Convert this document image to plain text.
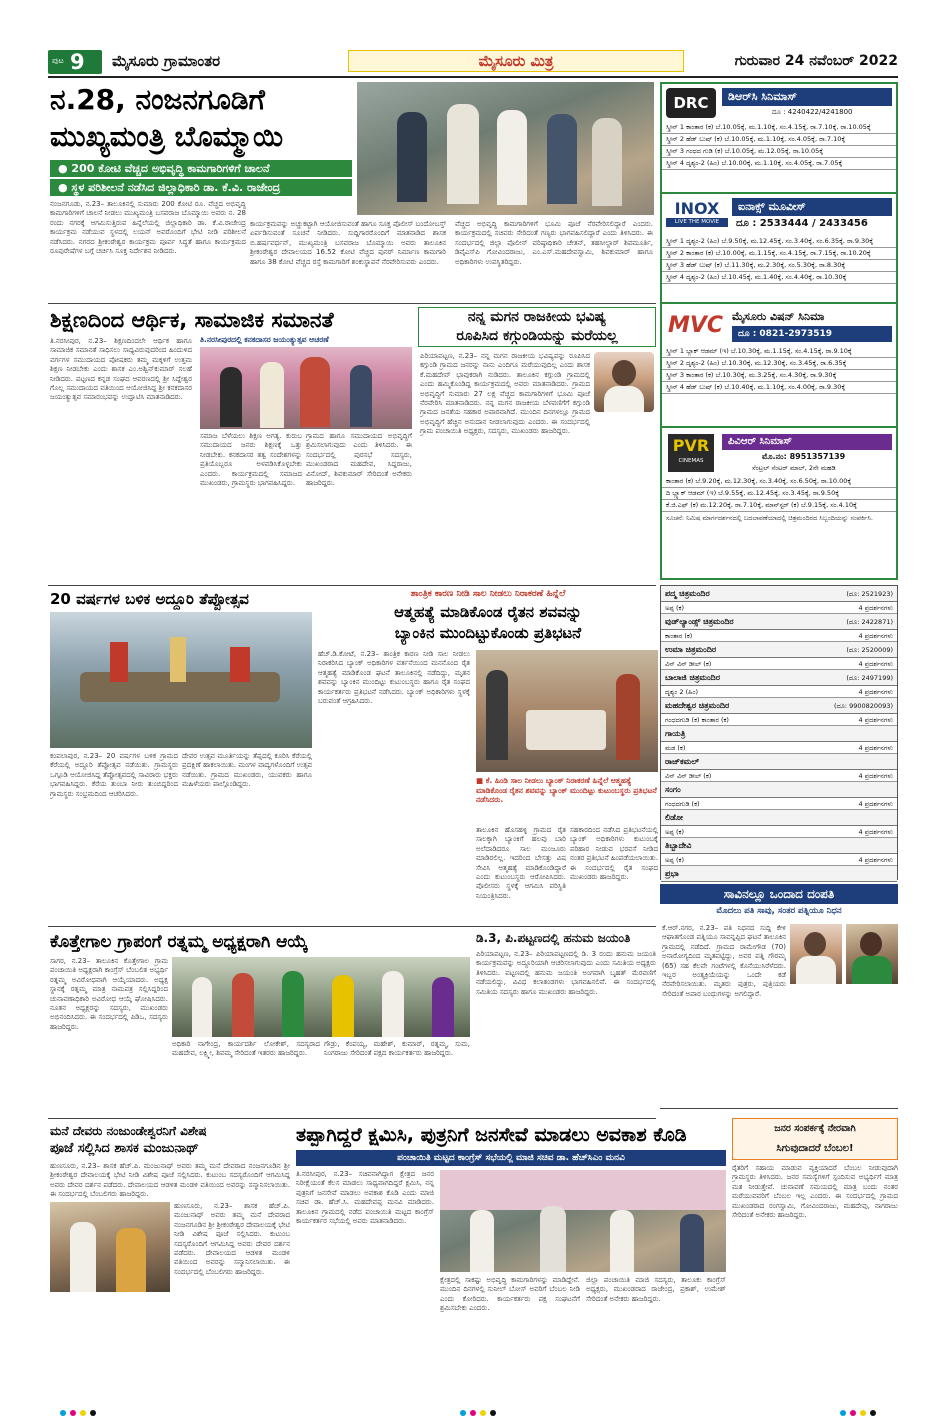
ಪುಟ 9 ಮೈಸೂರು ಗ್ರಾಮಾಂತರ	ಮೈಸೂರು ಮಿತ್ರ	ಗುರುವಾರ 24 ನವೆಂಬರ್ 2022
ನ.28, ನಂಜನಗೂಡಿಗೆ
ಮುಖ್ಯಮಂತ್ರಿ ಬೊಮ್ಮಾಯಿ
● 200 ಕೋಟಿ ವೆಚ್ಚದ ಅಭಿವೃದ್ಧಿ ಕಾಮಗಾರಿಗಳಿಗೆ ಚಾಲನೆ
● ಸ್ಥಳ ಪರಿಶೀಲನೆ ನಡೆಸಿದ ಜಿಲ್ಲಾಧಿಕಾರಿ ಡಾ. ಕೆ.ವಿ. ರಾಜೇಂದ್ರ
ನಂಜನಗೂಡು, ನ.23– ತಾಲೂಕಿನಲ್ಲಿ ಸುಮಾರು 200 ಕೋಟಿ ರೂ. ವೆಚ್ಚದ ಅಭಿವೃದ್ಧಿ ಕಾಮಗಾರಿಗಳಿಗೆ ಚಾಲನೆ ನೀಡಲು ಮುಖ್ಯಮಂತ್ರಿ ಬಸವರಾಜ ಬೊಮ್ಮಾಯಿ ಅವರು ನ. 28 ರಂದು ನಗರಕ್ಕೆ ಆಗಮಿಸುತ್ತಿರುವ ಹಿನ್ನೆಲೆಯಲ್ಲಿ ಜಿಲ್ಲಾಧಿಕಾರಿ ಡಾ. ಕೆ.ವಿ.ರಾಜೇಂದ್ರ ಕಾರ್ಯಕ್ರಮ ನಡೆಯುವ ಸ್ಥಳದಲ್ಲಿ ಲಯನ್ ಅವರೊಂದಿಗೆ ಭೇಟಿ ನೀಡಿ ಪರಿಶೀಲನೆ ನಡೆಸಿದರು. ನಗರದ ಶ್ರೀಕಂಠೇಶ್ವರ ಕಾರ್ಯಕ್ರಮ ಪೂರ್ವ ಸಿದ್ಧತೆ ಹಾಗೂ ಕಾರ್ಯಕ್ರಮದ ರೂಪುರೇಷೆಗಳ ಬಗ್ಗೆ ಚರ್ಚಿಸಿ ಸೂಕ್ತ ನಿರ್ದೇಶನ ನೀಡಿದರು.
ಕಾರ್ಯಕ್ರಮವನ್ನು ಅಚ್ಚುಕಟ್ಟಾಗಿ ಆಯೋಜಿಸುವಂತೆ ಹಾಗೂ ಸೂಕ್ತ ಪೊಲೀಸ್ ಬಂದೋಬಸ್ತ್ ಏರ್ಪಡಿಸುವಂತೆ ಸೂಚನೆ ನೀಡಿದರು. ಸುದ್ದಿಗಾರರೊಂದಿಗೆ ಮಾತನಾಡಿದ ಶಾಸಕ ಬಿ.ಹರ್ಷವರ್ಧನ್, ಮುಖ್ಯಮಂತ್ರಿ ಬಸವರಾಜ ಬೊಮ್ಮಾಯಿ ಅವರು ತಾಲೂಕಿನ ಶ್ರೀಕಂಠೇಶ್ವರ ದೇವಾಲಯದ 16.52 ಕೋಟಿ ವೆಚ್ಚದ ಪುನರ್ ನಿರ್ಮಾಣ ಕಾಮಗಾರಿ ಹಾಗೂ 38 ಕೋಟಿ ವೆಚ್ಚದ ರಸ್ತೆ ಕಾಮಗಾರಿಗೆ ಶಂಕುಸ್ಥಾಪನೆ ನೆರವೇರಿಸುವರು ಎಂದರು.
ವೆಚ್ಚದ ಅಭಿವೃದ್ಧಿ ಕಾಮಗಾರಿಗಳಿಗೆ ಭೂಮಿ ಪೂಜೆ ನೆರವೇರಿಸಲಿದ್ದಾರೆ ಎಂದರು. ಕಾರ್ಯಕ್ರಮದಲ್ಲಿ ಸಚಿವರು ಸೇರಿದಂತೆ ಗಣ್ಯರು ಭಾಗವಹಿಸಲಿದ್ದಾರೆ ಎಂದು ತಿಳಿಸಿದರು. ಈ ಸಂದರ್ಭದಲ್ಲಿ ಜಿಲ್ಲಾ ಪೊಲೀಸ್ ವರಿಷ್ಠಾಧಿಕಾರಿ ಚೇತನ್, ತಹಸೀಲ್ದಾರ್ ಶಿವಮೂರ್ತಿ, ಡಿವೈಎಸ್‌ಪಿ ಗೋವಿಂದರಾಜು, ಎಂ.ಎಸ್.ಮಹದೇವಸ್ವಾಮಿ, ಶಿವಕುಮಾರ್ ಹಾಗೂ ಅಧಿಕಾರಿಗಳು ಉಪಸ್ಥಿತರಿದ್ದರು.
ಶಿಕ್ಷಣದಿಂದ ಆರ್ಥಿಕ, ಸಾಮಾಜಿಕ ಸಮಾನತೆ
ತಿ.ನರಸೀಪುರ, ನ.23– ಶಿಕ್ಷಣದಿಂದಲೇ ಆರ್ಥಿಕ ಹಾಗೂ ಸಾಮಾಜಿಕ ಸಮಾನತೆ ಸಾಧಿಸಲು ಸಾಧ್ಯವಿರುವುದರಿಂದ ಹಿಂದುಳಿದ ವರ್ಗಗಳ ಸಮುದಾಯದ ಪೋಷಕರು ತಮ್ಮ ಮಕ್ಕಳಿಗೆ ಉತ್ತಮ ಶಿಕ್ಷಣ ನೀಡಬೇಕು ಎಂದು ಶಾಸಕ ಎಂ.ಅಶ್ವಿನ್‌ಕುಮಾರ್ ಸಲಹೆ ನೀಡಿದರು. ಪಟ್ಟಣದ ಕನ್ನಡ ಸಂಘದ ಆವರಣದಲ್ಲಿ ಶ್ರೀ ಸಿದ್ದೇಶ್ವರ ಗೊಲ್ಲ ಸಮುದಾಯದ ವತಿಯಿಂದ ಆಯೋಜಿಸಿದ್ದ ಶ್ರೀ ಕನಕದಾಸರ ಜಯಂತ್ಯುತ್ಸವ ಸಮಾರಂಭವನ್ನು ಉದ್ಘಾಟಿಸಿ ಮಾತನಾಡಿದರು.
ತಿ.ನರಸೀಪುರದಲ್ಲಿ ಕನಕದಾಸರ ಜಯಂತ್ಯುತ್ಸವ ಆಚರಣೆ
ಸಮಾಜ ಬೆಳೆಯಲು ಶಿಕ್ಷಣ ಅಗತ್ಯ. ಕುರುಬ ಸಮುದಾಯದ ಜನರು ಶಿಕ್ಷಣಕ್ಕೆ ಒತ್ತು ನೀಡಬೇಕು. ಕನಕದಾಸರ ತತ್ವ ಸಂದೇಶಗಳನ್ನು ಪ್ರತಿಯೊಬ್ಬರೂ ಅಳವಡಿಸಿಕೊಳ್ಳಬೇಕು ಎಂದರು. ಕಾರ್ಯಕ್ರಮದಲ್ಲಿ ಸಮಾಜದ ಮುಖಂಡರು, ಗ್ರಾಮಸ್ಥರು ಭಾಗವಹಿಸಿದ್ದರು.
ಗ್ರಾಮದ ಹಾಗೂ ಸಮುದಾಯದ ಅಭಿವೃದ್ಧಿಗೆ ಶ್ರಮಿಸಲಾಗುವುದು ಎಂದು ತಿಳಿಸಿದರು. ಈ ಸಂದರ್ಭದಲ್ಲಿ ಪುರಸಭೆ ಸದಸ್ಯರು, ಮುಖಂಡರಾದ ಮಹದೇವ, ಸಿದ್ದರಾಜು, ವಿನೋದ್, ಶಿವಕುಮಾರ್ ಸೇರಿದಂತೆ ಅನೇಕರು ಹಾಜರಿದ್ದರು.
ನನ್ನ ಮಗನ ರಾಜಕೀಯ ಭವಿಷ್ಯ
ರೂಪಿಸಿದ ಕಗ್ಗುಂಡಿಯನ್ನು ಮರೆಯಲ್ಲ
ಪಿರಿಯಾಪಟ್ಟಣ, ನ.23– ನನ್ನ ಮಗನ ರಾಜಕೀಯ ಭವಿಷ್ಯವನ್ನು ರೂಪಿಸಿದ ಕಗ್ಗುಂಡಿ ಗ್ರಾಮದ ಜನರನ್ನು ನಾನು ಎಂದಿಗೂ ಮರೆಯುವುದಿಲ್ಲ ಎಂದು ಶಾಸಕ ಕೆ.ಮಹದೇವ್ ಭಾವುಕರಾಗಿ ನುಡಿದರು. ತಾಲೂಕಿನ ಕಗ್ಗುಂಡಿ ಗ್ರಾಮದಲ್ಲಿ ಎಂದು ಹಮ್ಮಿಕೊಂಡಿದ್ದ ಕಾರ್ಯಕ್ರಮದಲ್ಲಿ ಅವರು ಮಾತನಾಡಿದರು. ಗ್ರಾಮದ ಅಭಿವೃದ್ಧಿಗೆ ಸುಮಾರು 27 ಲಕ್ಷ ವೆಚ್ಚದ ಕಾಮಗಾರಿಗಳಿಗೆ ಭೂಮಿ ಪೂಜೆ ನೆರವೇರಿಸಿ ಮಾತನಾಡಿದರು. ನನ್ನ ಮಗನ ರಾಜಕೀಯ ಬೆಳವಣಿಗೆಗೆ ಕಗ್ಗುಂಡಿ ಗ್ರಾಮದ ಜನತೆಯ ಸಹಕಾರ ಅಪಾರವಾಗಿದೆ. ಮುಂದಿನ ದಿನಗಳಲ್ಲೂ ಗ್ರಾಮದ ಅಭಿವೃದ್ಧಿಗೆ ಹೆಚ್ಚಿನ ಅನುದಾನ ನೀಡಲಾಗುವುದು ಎಂದರು. ಈ ಸಂದರ್ಭದಲ್ಲಿ ಗ್ರಾಮ ಪಂಚಾಯಿತಿ ಅಧ್ಯಕ್ಷರು, ಸದಸ್ಯರು, ಮುಖಂಡರು ಹಾಜರಿದ್ದರು.
20 ವರ್ಷಗಳ ಬಳಿಕ ಅದ್ದೂರಿ ತೆಪ್ಪೋತ್ಸವ
ಕಂಪಲಾಪುರ, ನ.23– 20 ವರ್ಷಗಳ ಬಳಿಕ ಗ್ರಾಮದ ಕೆರೆಯಲ್ಲಿ ಅದ್ದೂರಿ ತೆಪ್ಪೋತ್ಸವ ನಡೆಯಿತು. ಗ್ರಾಮಸ್ಥರು ಒಗ್ಗೂಡಿ ಆಯೋಜಿಸಿದ್ದ ತೆಪ್ಪೋತ್ಸವದಲ್ಲಿ ಸಾವಿರಾರು ಭಕ್ತರು ಭಾಗವಹಿಸಿದ್ದರು. ಕೆರೆಯ ತುಂಬಾ ನೀರು ತುಂಬಿದ್ದರಿಂದ ಗ್ರಾಮಸ್ಥರು ಸಂಭ್ರಮದಿಂದ ಆಚರಿಸಿದರು.
ದೇವರ ಉತ್ಸವ ಮೂರ್ತಿಯನ್ನು ತೆಪ್ಪದಲ್ಲಿ ಕೂರಿಸಿ ಕೆರೆಯಲ್ಲಿ ಪ್ರದಕ್ಷಿಣೆ ಹಾಕಲಾಯಿತು. ಮಂಗಳ ವಾದ್ಯಗಳೊಂದಿಗೆ ಉತ್ಸವ ನಡೆಯಿತು. ಗ್ರಾಮದ ಮುಖಂಡರು, ಯುವಕರು ಹಾಗೂ ಮಹಿಳೆಯರು ಪಾಲ್ಗೊಂಡಿದ್ದರು.
ತಾಂತ್ರಿಕ ಕಾರಣ ನೀಡಿ ಸಾಲ ನೀಡಲು ನಿರಾಕರಣೆ ಹಿನ್ನೆಲೆ
ಆತ್ಮಹತ್ಯೆ ಮಾಡಿಕೊಂಡ ರೈತನ ಶವವನ್ನು
ಬ್ಯಾಂಕಿನ ಮುಂದಿಟ್ಟುಕೊಂಡು ಪ್ರತಿಭಟನೆ
ಹೆಚ್.ಡಿ.ಕೋಟೆ, ನ.23– ತಾಂತ್ರಿಕ ಕಾರಣ ನೀಡಿ ಸಾಲ ನೀಡಲು ನಿರಾಕರಿಸಿದ ಬ್ಯಾಂಕ್ ಅಧಿಕಾರಿಗಳ ವರ್ತನೆಯಿಂದ ಮನನೊಂದ ರೈತ ಆತ್ಮಹತ್ಯೆ ಮಾಡಿಕೊಂಡ ಘಟನೆ ತಾಲೂಕಿನಲ್ಲಿ ನಡೆದಿದ್ದು, ಮೃತನ ಶವವನ್ನು ಬ್ಯಾಂಕಿನ ಮುಂದಿಟ್ಟು ಕುಟುಂಬಸ್ಥರು ಹಾಗೂ ರೈತ ಸಂಘದ ಕಾರ್ಯಕರ್ತರು ಪ್ರತಿಭಟನೆ ನಡೆಸಿದರು. ಬ್ಯಾಂಕ್ ಅಧಿಕಾರಿಗಳು ಸ್ಥಳಕ್ಕೆ ಬರುವಂತೆ ಆಗ್ರಹಿಸಿದರು.
■ ಕೆ. ಹಿಂಡಿ ಸಾಲ ನೀಡಲು ಬ್ಯಾಂಕ್ ನಿರಾಕರಣೆ ಹಿನ್ನೆಲೆ ಆತ್ಮಹತ್ಯೆ ಮಾಡಿಕೊಂಡ ರೈತನ ಶವವನ್ನು ಬ್ಯಾಂಕ್ ಮುಂದಿಟ್ಟು ಕುಟುಂಬಸ್ಥರು ಪ್ರತಿಭಟನೆ ನಡೆಸಿದರು.
ತಾಲೂಕಿನ ಹೊಸಹಳ್ಳಿ ಗ್ರಾಮದ ರೈತ ಸಾಲಕ್ಕಾಗಿ ಬ್ಯಾಂಕಿಗೆ ಹಲವು ಬಾರಿ ಅಲೆದಾಡಿದರೂ ಸಾಲ ಮಂಜೂರು ಮಾಡಿರಲಿಲ್ಲ. ಇದರಿಂದ ಬೇಸತ್ತು ವಿಷ ಸೇವಿಸಿ ಆತ್ಮಹತ್ಯೆ ಮಾಡಿಕೊಂಡಿದ್ದಾರೆ ಎಂದು ಕುಟುಂಬಸ್ಥರು ಆರೋಪಿಸಿದರು. ಪೊಲೀಸರು ಸ್ಥಳಕ್ಕೆ ಆಗಮಿಸಿ ಪರಿಸ್ಥಿತಿ ನಿಯಂತ್ರಿಸಿದರು.
ಸಹಕಾರದಿಂದ ನಡೆಸಿದ ಪ್ರತಿಭಟನೆಯಲ್ಲಿ ಬ್ಯಾಂಕ್ ಅಧಿಕಾರಿಗಳು ಕುಟುಂಬಕ್ಕೆ ಪರಿಹಾರ ನೀಡುವ ಭರವಸೆ ನೀಡಿದ ನಂತರ ಪ್ರತಿಭಟನೆ ಹಿಂಪಡೆಯಲಾಯಿತು. ಈ ಸಂದರ್ಭದಲ್ಲಿ ರೈತ ಸಂಘದ ಮುಖಂಡರು ಹಾಜರಿದ್ದರು.
DRC	ಡಿಆರ್‌ಸಿ ಸಿನಿಮಾಸ್
ದೂ : 4240422/4241800
ಸ್ಕ್ರೀನ್ 1 ಕಾಂತಾರ (ಕ) ಬೆ.10.05ಕ್ಕೆ, ಮ.1.10ಕ್ಕೆ, ಸಂ.4.15ಕ್ಕೆ, ರಾ.7.10ಕ್ಕೆ, ರಾ.10.05ಕ್ಕೆ
ಸ್ಕ್ರೀನ್ 2 ಹೆಡ್ ಬುಷ್ (ಕ) ಬೆ.10.05ಕ್ಕೆ, ಮ.1.10ಕ್ಕೆ, ಸಂ.4.05ಕ್ಕೆ, ರಾ.7.10ಕ್ಕೆ
ಸ್ಕ್ರೀನ್ 3 ಗಂಧದ ಗುಡಿ (ಕ) ಬೆ.10.05ಕ್ಕೆ, ಮ.12.05ಕ್ಕೆ, ರಾ.10.05ಕ್ಕೆ
ಸ್ಕ್ರೀನ್ 4 ದೃಶ್ಯಂ-2 (ಹಿಂ) ಬೆ.10.00ಕ್ಕೆ, ಮ.1.10ಕ್ಕೆ, ಸಂ.4.05ಕ್ಕೆ, ರಾ.7.05ಕ್ಕೆ
INOX
LIVE THE MOVIE
ಐನಾಕ್ಸ್ ಮೂವೀಸ್
ದೂ : 2533444 / 2433456
ಸ್ಕ್ರೀನ್ 1 ದೃಶ್ಯಂ-2 (ಹಿಂ) ಬೆ.9.50ಕ್ಕೆ, ಮ.12.45ಕ್ಕೆ, ಸಂ.3.40ಕ್ಕೆ, ಸಂ.6.35ಕ್ಕೆ, ರಾ.9.30ಕ್ಕೆ
ಸ್ಕ್ರೀನ್ 2 ಕಾಂತಾರ (ಕ) ಬೆ.10.00ಕ್ಕೆ, ಮ.1.15ಕ್ಕೆ, ಸಂ.4.15ಕ್ಕೆ, ರಾ.7.15ಕ್ಕೆ, ರಾ.10.20ಕ್ಕೆ
ಸ್ಕ್ರೀನ್ 3 ಹೆಡ್ ಬುಷ್ (ಕ) ಬೆ.11.30ಕ್ಕೆ, ಮ.2.30ಕ್ಕೆ, ಸಂ.5.30ಕ್ಕೆ, ರಾ.8.30ಕ್ಕೆ
ಸ್ಕ್ರೀನ್ 4 ದೃಶ್ಯಂ-2 (ಹಿಂ) ಬೆ.10.45ಕ್ಕೆ, ಮ.1.40ಕ್ಕೆ, ಸಂ.4.40ಕ್ಕೆ, ರಾ.10.30ಕ್ಕೆ
MVC ಮೈಸೂರು ವಿಷನ್ ಸಿನಿಮಾ
ದೂ : 0821-2973519
ಸ್ಕ್ರೀನ್ 1 ಬ್ಲಾಕ್ ಆಡಮ್ (ಇ) ಬೆ.10.30ಕ್ಕೆ, ಮ.1.15ಕ್ಕೆ, ಸಂ.4.15ಕ್ಕೆ, ರಾ.9.10ಕ್ಕೆ
ಸ್ಕ್ರೀನ್ 2 ದೃಶ್ಯಂ-2 (ಹಿಂ) ಬೆ.10.30ಕ್ಕೆ, ಮ.12.30ಕ್ಕೆ, ಸಂ.3.45ಕ್ಕೆ, ರಾ.6.35ಕ್ಕೆ
ಸ್ಕ್ರೀನ್ 3 ಕಾಂತಾರ (ಕ) ಬೆ.10.30ಕ್ಕೆ, ಮ.3.25ಕ್ಕೆ, ಸಂ.4.30ಕ್ಕೆ, ರಾ.9.30ಕ್ಕೆ
ಸ್ಕ್ರೀನ್ 4 ಹೆಡ್ ಬುಷ್ (ಕ) ಬೆ.10.40ಕ್ಕೆ, ಮ.1.10ಕ್ಕೆ, ಸಂ.4.00ಕ್ಕೆ, ರಾ.9.30ಕ್ಕೆ
PVR
CINEMAS
ಪಿವಿಆರ್ ಸಿನಿಮಾಸ್
ಮೊ.ನಂ: 8951357139
ಸೆಂಟ್ರಲ್ ಸೆಂಟರ್ ಮಾಲ್, 2ನೇ ಮಹಡಿ
ಕಾಂತಾರ (ಕ) ಬೆ.9.20ಕ್ಕೆ, ಮ.12.30ಕ್ಕೆ, ಸಂ.3.40ಕ್ಕೆ, ಸಂ.6.50ಕ್ಕೆ, ರಾ.10.00ಕ್ಕೆ
ದಿ ಬ್ಲ್ಯಾಕ್ ಆಡಮ್ (ಇ) ಬೆ.9.55ಕ್ಕೆ, ಮ.12.45ಕ್ಕೆ, ಸಂ.3.45ಕ್ಕೆ, ರಾ.9.50ಕ್ಕೆ
ಕೆ.ಜಿ.ಎಫ್ (ಕ) ಮ.12.20ಕ್ಕೆ, ರಾ.7.10ಕ್ಕೆ, ಮಾನ್‌ಸ್ಟರ್ (ಕ) ಬೆ.9.15ಕ್ಕೆ, ಸಂ.4.10ಕ್ಕೆ
ಸೂಚನೆ: ನಿಮಿಷ ಮಾರ್ಗದರ್ಶನದಲ್ಲಿ ಬದಲಾವಣೆಯಾದಲ್ಲಿ ಚಿತ್ರಮಂದಿರದ ಸಿಬ್ಬಂದಿಯನ್ನು ಸಂಪರ್ಕಿಸಿ.
ಪದ್ಮ ಚಿತ್ರಮಂದಿರ	(ದೂ: 2521923)
ಅಪ್ಪ (ಕ)	4 ಪ್ರದರ್ಶನಗಳು
ವುಡ್‌ಲ್ಯಾಂಡ್ಸ್ ಚಿತ್ರಮಂದಿರ	(ದೂ: 2422871)
ಕಾಂತಾರ (ಕ)	4 ಪ್ರದರ್ಶನಗಳು
ಉಮಾ ಚಿತ್ರಮಂದಿರ	(ದೂ: 2520009)
ವಿನ್ ವಿನ್ ಡೀಲ್ (ಕ)	4 ಪ್ರದರ್ಶನಗಳು
ಬಾಲಾಜಿ ಚಿತ್ರಮಂದಿರ	(ದೂ: 2497199)
ದೃಶ್ಯಂ 2 (ಹಿಂ)	4 ಪ್ರದರ್ಶನಗಳು
ಮಹದೇಶ್ವರ ಚಿತ್ರಮಂದಿರ	(ದೂ: 9900820093)
ಗಂಧದಗುಡಿ (ಕ) ಕಾಂತಾರ (ಕ)	4 ಪ್ರದರ್ಶನಗಳು
ಗಾಯತ್ರಿ
ಮಡ (ಕ)	4 ಪ್ರದರ್ಶನಗಳು
ರಾಜ್‌ಕಮಲ್
ವಿನ್ ವಿನ್ ಡೀಲ್ (ಕ)	4 ಪ್ರದರ್ಶನಗಳು
ಸಂಗಂ
ಗಂಧದಗುಡಿ (ಕ)	4 ಪ್ರದರ್ಶನಗಳು
ಲಿಡೋ
ಅಪ್ಪ (ಕ)	4 ಪ್ರದರ್ಶನಗಳು
ತಿಬ್ಬಾದೇವಿ
ಅಪ್ಪ (ಕ)	4 ಪ್ರದರ್ಶನಗಳು
ಪ್ರಭಾ
ಸಾವಿನಲ್ಲೂ ಒಂದಾದ ದಂಪತಿ
ಮೊದಲು ಪತಿ ಸಾವು, ಸಂತರ ಪತ್ನಿಯೂ ನಿಧನ
ಕೆ.ಆರ್.ನಗರ, ನ.23– ಪತಿ ನಿಧನದ ಸುದ್ದಿ ಕೇಳಿ ಆಘಾತಗೊಂಡ ಪತ್ನಿಯೂ ಸಾವನ್ನಪ್ಪಿದ ಘಟನೆ ತಾಲೂಕಿನ ಗ್ರಾಮದಲ್ಲಿ ನಡೆದಿದೆ. ಗ್ರಾಮದ ರಾಮೇಗೌಡ (70) ಅನಾರೋಗ್ಯದಿಂದ ಮೃತಪಟ್ಟಿದ್ದು, ಅವರ ಪತ್ನಿ ಗೌರಮ್ಮ (65) ಸಹ ಕೆಲವೇ ಗಂಟೆಗಳಲ್ಲಿ ಕೊನೆಯುಸಿರೆಳೆದರು. ಇಬ್ಬರ ಅಂತ್ಯಕ್ರಿಯೆಯನ್ನು ಒಂದೇ ಕಡೆ ನೆರವೇರಿಸಲಾಯಿತು. ಮೃತರು ಪುತ್ರರು, ಪುತ್ರಿಯರು ಸೇರಿದಂತೆ ಅಪಾರ ಬಂಧುಗಳನ್ನು ಅಗಲಿದ್ದಾರೆ.
ಕೊತ್ತೇಗಾಲ ಗ್ರಾಪಂಗೆ ರತ್ನಮ್ಮ ಅಧ್ಯಕ್ಷರಾಗಿ ಆಯ್ಕೆ
ಸಾಗರ, ನ.23– ತಾಲೂಕಿನ ಕೊತ್ತೇಗಾಲ ಗ್ರಾಮ ಪಂಚಾಯಿತಿ ಅಧ್ಯಕ್ಷರಾಗಿ ಕಾಂಗ್ರೆಸ್ ಬೆಂಬಲಿತ ಅಭ್ಯರ್ಥಿ ರತ್ನಮ್ಮ ಅವಿರೋಧವಾಗಿ ಆಯ್ಕೆಯಾದರು. ಅಧ್ಯಕ್ಷ ಸ್ಥಾನಕ್ಕೆ ರತ್ನಮ್ಮ ಮಾತ್ರ ನಾಮಪತ್ರ ಸಲ್ಲಿಸಿದ್ದರಿಂದ ಚುನಾವಣಾಧಿಕಾರಿ ಅವಿರೋಧ ಆಯ್ಕೆ ಘೋಷಿಸಿದರು. ನೂತನ ಅಧ್ಯಕ್ಷರನ್ನು ಸದಸ್ಯರು, ಮುಖಂಡರು ಅಭಿನಂದಿಸಿದರು. ಈ ಸಂದರ್ಭದಲ್ಲಿ ಪಿಡಿಒ, ಸದಸ್ಯರು ಹಾಜರಿದ್ದರು.
ಅಧಿಕಾರಿ ನಾಗೇಂದ್ರ, ಕಾರ್ಯದರ್ಶಿ ಲೋಕೇಶ್, ಸದಸ್ಯರಾದ ಮಹದೇವ, ಲಕ್ಷ್ಮೀ, ಶಿವಮ್ಮ ಸೇರಿದಂತೆ ಇತರರು ಹಾಜರಿದ್ದರು.
ಗೌಡ್ರು, ಕೆಂಪಯ್ಯ, ಮಹೇಶ್, ಕುಮಾರ್, ರತ್ನಮ್ಮ, ಸುಮ, ನಿಂಗರಾಜು ಸೇರಿದಂತೆ ಪಕ್ಷದ ಕಾರ್ಯಕರ್ತರು ಹಾಜರಿದ್ದರು.
ಡಿ.3, ಪಿ.ಪಟ್ಟಣದಲ್ಲಿ ಹನುಮ ಜಯಂತಿ
ಪಿರಿಯಾಪಟ್ಟಣ, ನ.23– ಪಿರಿಯಾಪಟ್ಟಣದಲ್ಲಿ ಡಿ. 3 ರಂದು ಹನುಮ ಜಯಂತಿ ಕಾರ್ಯಕ್ರಮವನ್ನು ಅದ್ದೂರಿಯಾಗಿ ಆಚರಿಸಲಾಗುವುದು ಎಂದು ಸಮಿತಿಯ ಅಧ್ಯಕ್ಷರು ತಿಳಿಸಿದರು. ಪಟ್ಟಣದಲ್ಲಿ ಹನುಮ ಜಯಂತಿ ಅಂಗವಾಗಿ ಬೃಹತ್ ಮೆರವಣಿಗೆ ನಡೆಯಲಿದ್ದು, ವಿವಿಧ ಕಲಾತಂಡಗಳು ಭಾಗವಹಿಸಲಿವೆ. ಈ ಸಂದರ್ಭದಲ್ಲಿ ಸಮಿತಿಯ ಸದಸ್ಯರು ಹಾಗೂ ಮುಖಂಡರು ಹಾಜರಿದ್ದರು.
ಮನೆ ದೇವರು ನಂಜುಂಡೇಶ್ವರನಿಗೆ ವಿಶೇಷ
ಪೂಜೆ ಸಲ್ಲಿಸಿದ ಶಾಸಕ ಮಂಜುನಾಥ್
ಹುಣಸೂರು, ನ.23– ಶಾಸಕ ಹೆಚ್.ಪಿ. ಮಂಜುನಾಥ್ ಅವರು ತಮ್ಮ ಮನೆ ದೇವರಾದ ನಂಜನಗೂಡಿನ ಶ್ರೀ ಶ್ರೀಕಂಠೇಶ್ವರ ದೇವಾಲಯಕ್ಕೆ ಭೇಟಿ ನೀಡಿ ವಿಶೇಷ ಪೂಜೆ ಸಲ್ಲಿಸಿದರು. ಕುಟುಂಬ ಸದಸ್ಯರೊಂದಿಗೆ ಆಗಮಿಸಿದ್ದ ಅವರು ದೇವರ ದರ್ಶನ ಪಡೆದರು. ದೇವಾಲಯದ ಆಡಳಿತ ಮಂಡಳಿ ವತಿಯಿಂದ ಅವರನ್ನು ಸನ್ಮಾನಿಸಲಾಯಿತು. ಈ ಸಂದರ್ಭದಲ್ಲಿ ಬೆಂಬಲಿಗರು ಹಾಜರಿದ್ದರು.
ಹುಣಸೂರು, ನ.23– ಶಾಸಕ ಹೆಚ್.ಪಿ. ಮಂಜುನಾಥ್ ಅವರು ತಮ್ಮ ಮನೆ ದೇವರಾದ ನಂಜನಗೂಡಿನ ಶ್ರೀ ಶ್ರೀಕಂಠೇಶ್ವರ ದೇವಾಲಯಕ್ಕೆ ಭೇಟಿ ನೀಡಿ ವಿಶೇಷ ಪೂಜೆ ಸಲ್ಲಿಸಿದರು. ಕುಟುಂಬ ಸದಸ್ಯರೊಂದಿಗೆ ಆಗಮಿಸಿದ್ದ ಅವರು ದೇವರ ದರ್ಶನ ಪಡೆದರು. ದೇವಾಲಯದ ಆಡಳಿತ ಮಂಡಳಿ ವತಿಯಿಂದ ಅವರನ್ನು ಸನ್ಮಾನಿಸಲಾಯಿತು. ಈ ಸಂದರ್ಭದಲ್ಲಿ ಬೆಂಬಲಿಗರು ಹಾಜರಿದ್ದರು.
ತಪ್ಪಾಗಿದ್ದರೆ ಕ್ಷಮಿಸಿ, ಪುತ್ರನಿಗೆ ಜನಸೇವೆ ಮಾಡಲು ಅವಕಾಶ ಕೊಡಿ
ಪಂಚಾಯಿತಿ ಮಟ್ಟದ ಕಾಂಗ್ರೆಸ್ ಸಭೆಯಲ್ಲಿ ಮಾಜಿ ಸಚಿವ ಡಾ. ಹೆಚ್‌ಸಿಎಂ ಮನವಿ
ತಿ.ನರಸೀಪುರ, ನ.23– ಸಚಿವನಾಗಿದ್ದಾಗ ಕ್ಷೇತ್ರದ ಜನರ ನಿರೀಕ್ಷೆಯಂತೆ ಕೆಲಸ ಮಾಡಲು ಸಾಧ್ಯವಾಗದಿದ್ದರೆ ಕ್ಷಮಿಸಿ, ನನ್ನ ಪುತ್ರನಿಗೆ ಜನಸೇವೆ ಮಾಡಲು ಅವಕಾಶ ಕೊಡಿ ಎಂದು ಮಾಜಿ ಸಚಿವ ಡಾ. ಹೆಚ್.ಸಿ. ಮಹದೇವಪ್ಪ ಮನವಿ ಮಾಡಿದರು. ತಾಲೂಕಿನ ಗ್ರಾಮದಲ್ಲಿ ನಡೆದ ಪಂಚಾಯಿತಿ ಮಟ್ಟದ ಕಾಂಗ್ರೆಸ್ ಕಾರ್ಯಕರ್ತರ ಸಭೆಯಲ್ಲಿ ಅವರು ಮಾತನಾಡಿದರು.
ಕ್ಷೇತ್ರದಲ್ಲಿ ಸಾಕಷ್ಟು ಅಭಿವೃದ್ಧಿ ಕಾಮಗಾರಿಗಳನ್ನು ಮಾಡಿದ್ದೇನೆ. ಮುಂದಿನ ದಿನಗಳಲ್ಲಿ ಸುನೀಲ್ ಬೋಸ್ ಅವರಿಗೆ ಬೆಂಬಲ ನೀಡಿ ಎಂದು ಕೋರಿದರು. ಕಾರ್ಯಕರ್ತರು ಪಕ್ಷ ಸಂಘಟನೆಗೆ ಶ್ರಮಿಸಬೇಕು ಎಂದರು.
ಜಿಲ್ಲಾ ಪಂಚಾಯಿತಿ ಮಾಜಿ ಸದಸ್ಯರು, ತಾಲೂಕು ಕಾಂಗ್ರೆಸ್ ಅಧ್ಯಕ್ಷರು, ಮುಖಂಡರಾದ ರಾಜೇಂದ್ರ, ಪ್ರಕಾಶ್, ಉಮೇಶ್ ಸೇರಿದಂತೆ ಅನೇಕರು ಹಾಜರಿದ್ದರು.
ಜನರ ಸಂಪರ್ಕಕ್ಕೆ ನೇರವಾಗಿ
ಸಿಗುವುದಾದರೆ ಬೆಂಬಲ!
ರೈತರಿಗೆ ಸಹಾಯ ಮಾಡುವ ವ್ಯಕ್ತಿಯಾದರೆ ಬೆಂಬಲ ನೀಡುವುದಾಗಿ ಗ್ರಾಮಸ್ಥರು ತಿಳಿಸಿದರು. ಜನರ ಸಮಸ್ಯೆಗಳಿಗೆ ಸ್ಪಂದಿಸುವ ಅಭ್ಯರ್ಥಿಗೆ ಮಾತ್ರ ಮತ ನೀಡುತ್ತೇವೆ. ಚುನಾವಣೆ ಸಮಯದಲ್ಲಿ ಮಾತ್ರ ಬಂದು ನಂತರ ಮರೆಯುವವರಿಗೆ ಬೆಂಬಲ ಇಲ್ಲ ಎಂದರು. ಈ ಸಂದರ್ಭದಲ್ಲಿ ಗ್ರಾಮದ ಮುಖಂಡರಾದ ರಂಗಸ್ವಾಮಿ, ಗೋವಿಂದರಾಜು, ಮಹದೇವು, ನಾಗರಾಜು ಸೇರಿದಂತೆ ಅನೇಕರು ಹಾಜರಿದ್ದರು.
